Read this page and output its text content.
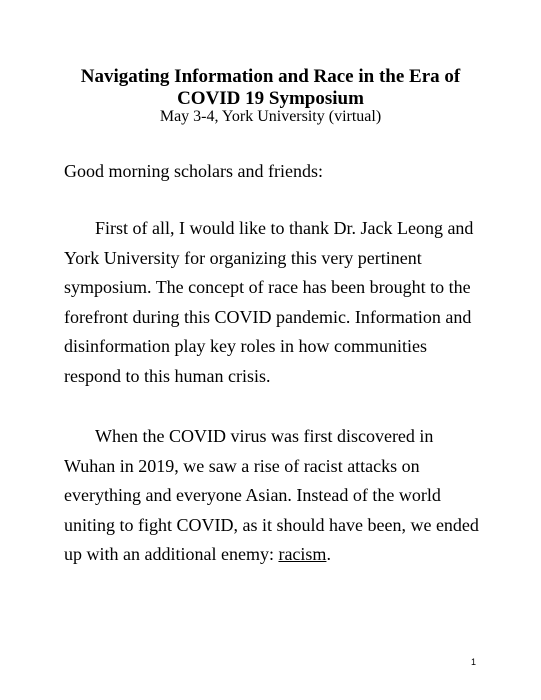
Navigating Information and Race in the Era of

COVID 19 Symposium

May 3-4, York University (virtual)

Good morning scholars and friends:

First of all, I would like to thank Dr. Jack Leong and
York University for organizing this very pertinent
symposium. The concept of race has been brought to the
forefront during this COVID pandemic. Information and
disinformation play key roles in how communities
respond to this human crisis.
When the COVID virus was first discovered in
Wuhan in 2019, we saw a rise of racist attacks on
everything and everyone Asian. Instead of the world
uniting to fight COVID, as it should have been, we ended
up with an additional enemy: racism.

1
